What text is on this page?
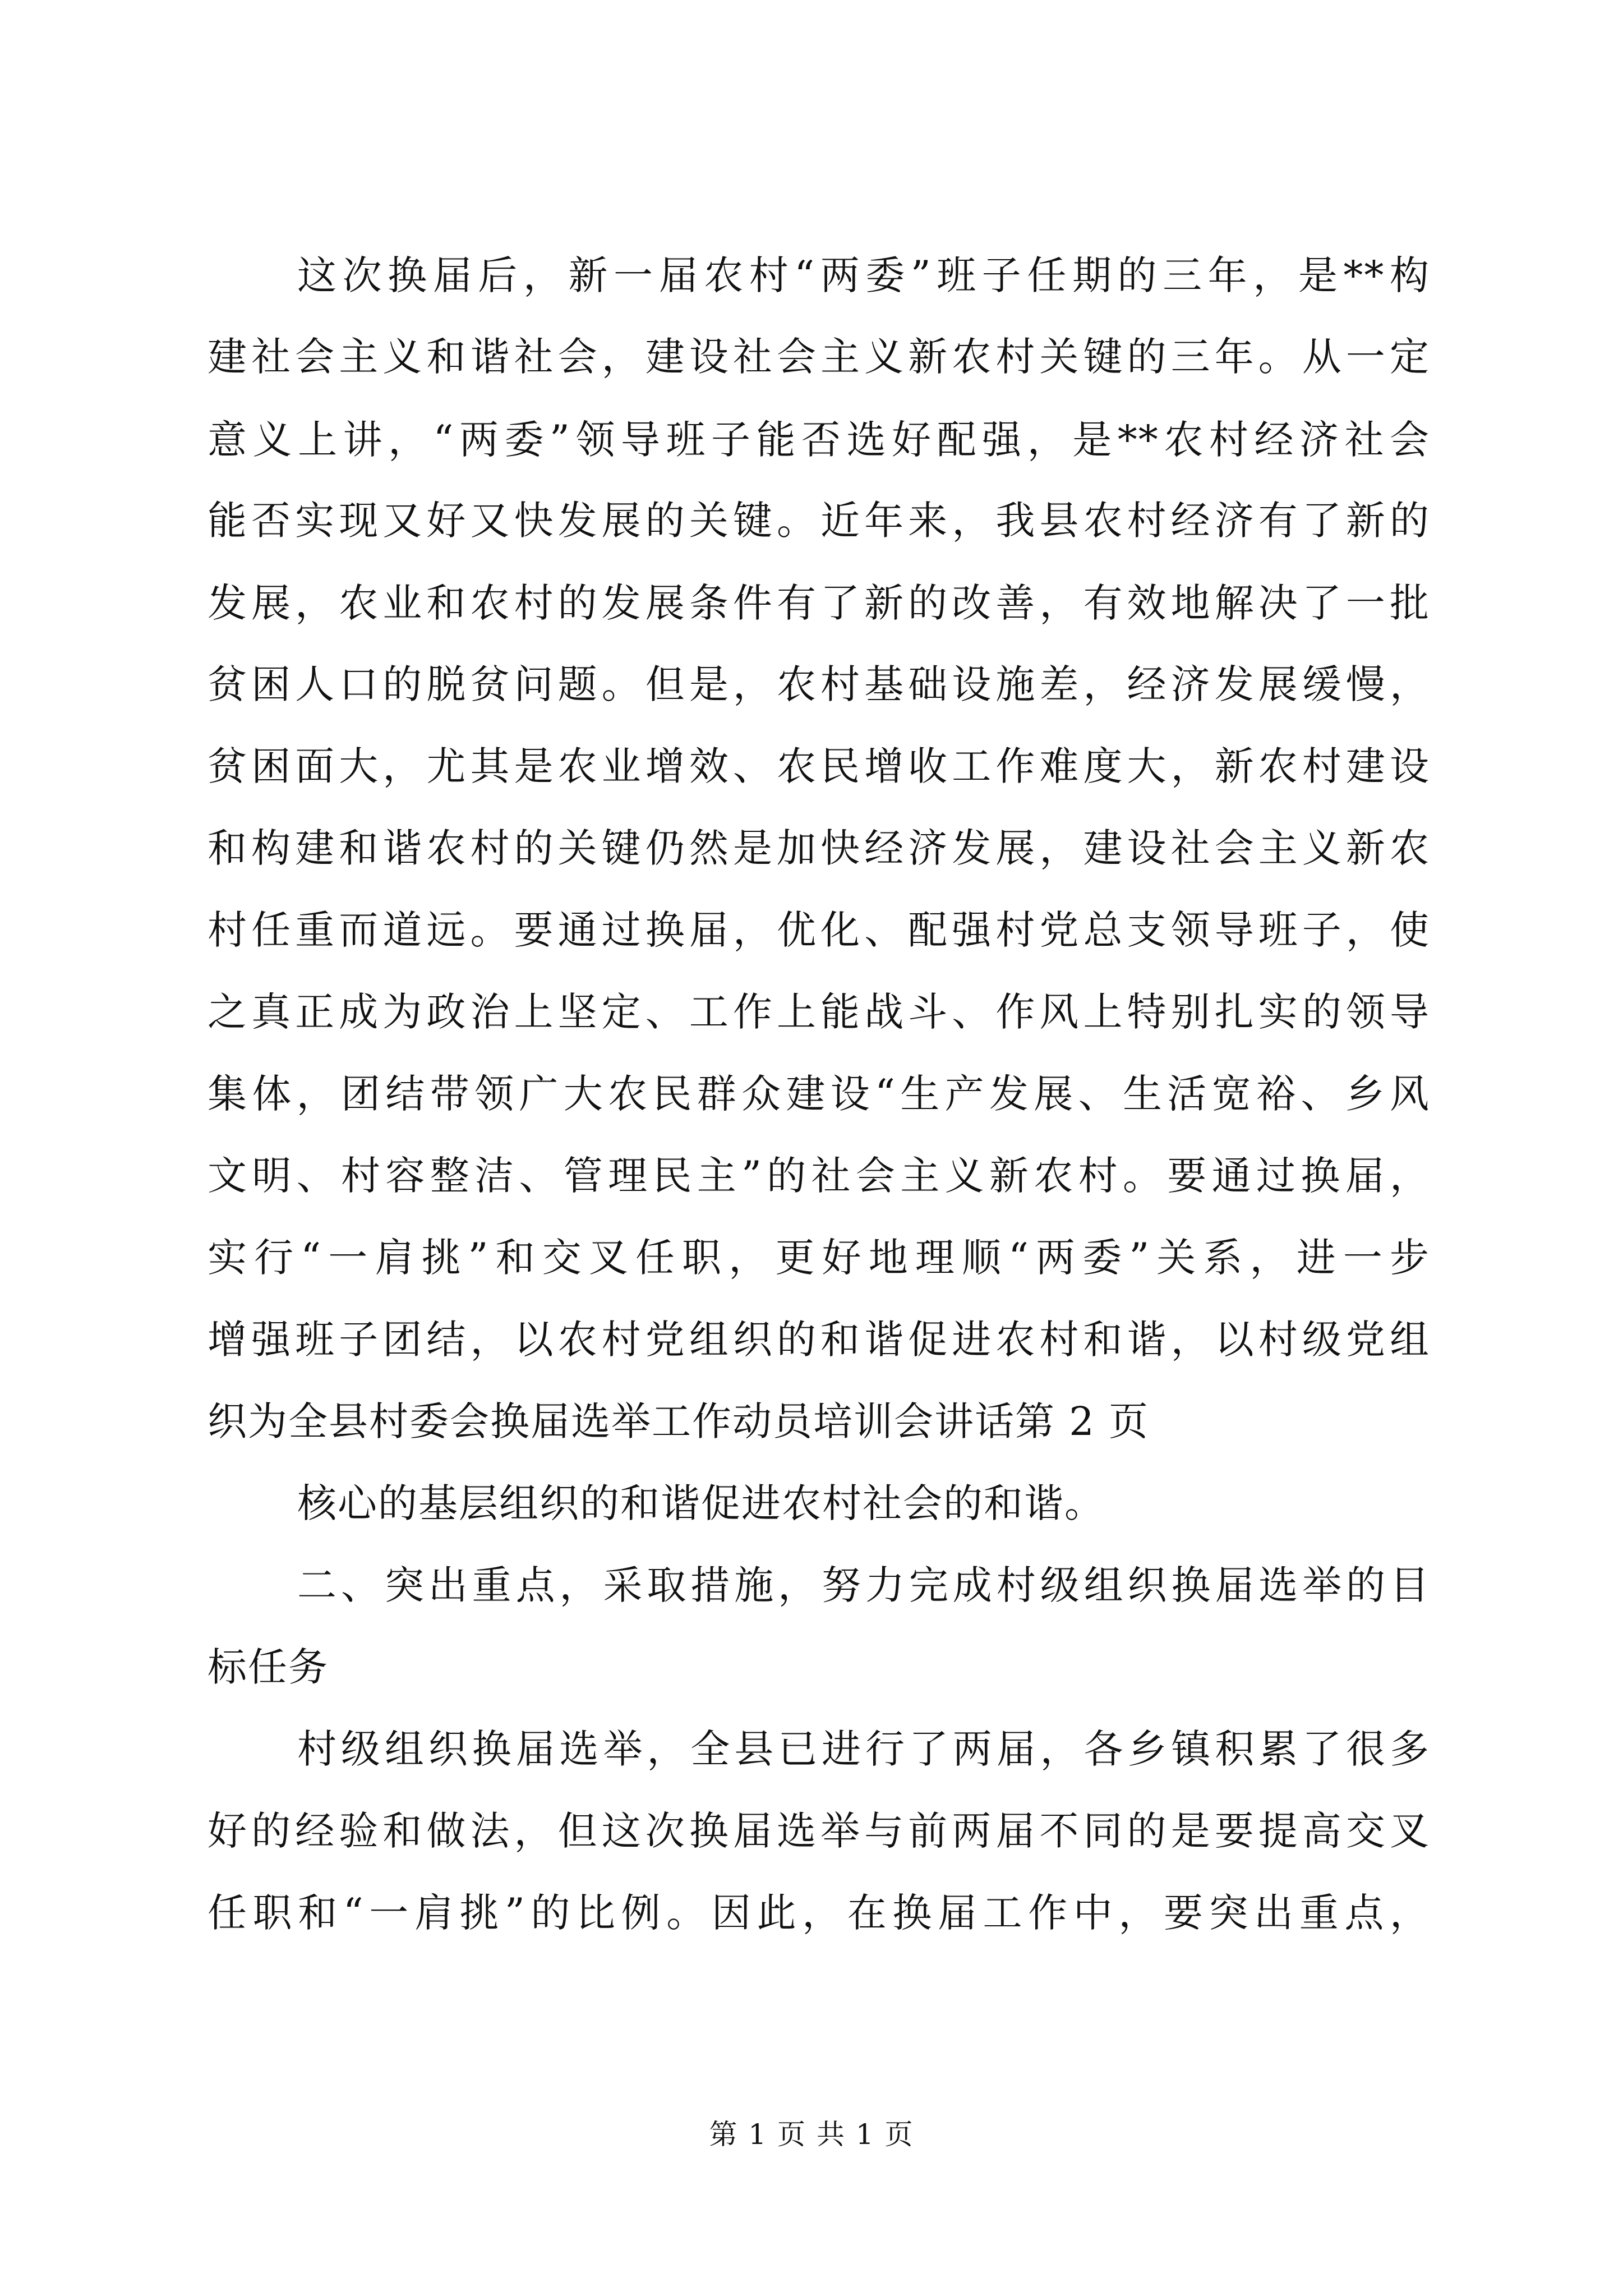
这次换届后，新一届农村“两委”班子任期的三年，是**构
建社会主义和谐社会，建设社会主义新农村关键的三年。从一定
意义上讲，“两委”领导班子能否选好配强，是**农村经济社会
能否实现又好又快发展的关键。近年来，我县农村经济有了新的
发展，农业和农村的发展条件有了新的改善，有效地解决了一批
贫困人口的脱贫问题。但是，农村基础设施差，经济发展缓慢，
贫困面大，尤其是农业增效、农民增收工作难度大，新农村建设
和构建和谐农村的关键仍然是加快经济发展，建设社会主义新农
村任重而道远。要通过换届，优化、配强村党总支领导班子，使
之真正成为政治上坚定、工作上能战斗、作风上特别扎实的领导
集体，团结带领广大农民群众建设“生产发展、生活宽裕、乡风
文明、村容整洁、管理民主”的社会主义新农村。要通过换届，
实行“一肩挑”和交叉任职，更好地理顺“两委”关系，进一步
增强班子团结，以农村党组织的和谐促进农村和谐，以村级党组
织为全县村委会换届选举工作动员培训会讲话第 2 页
核心的基层组织的和谐促进农村社会的和谐。
二、突出重点，采取措施，努力完成村级组织换届选举的目
标任务
村级组织换届选举，全县已进行了两届，各乡镇积累了很多
好的经验和做法，但这次换届选举与前两届不同的是要提高交叉
任职和“一肩挑”的比例。因此，在换届工作中，要突出重点，
第 1 页 共 1 页
